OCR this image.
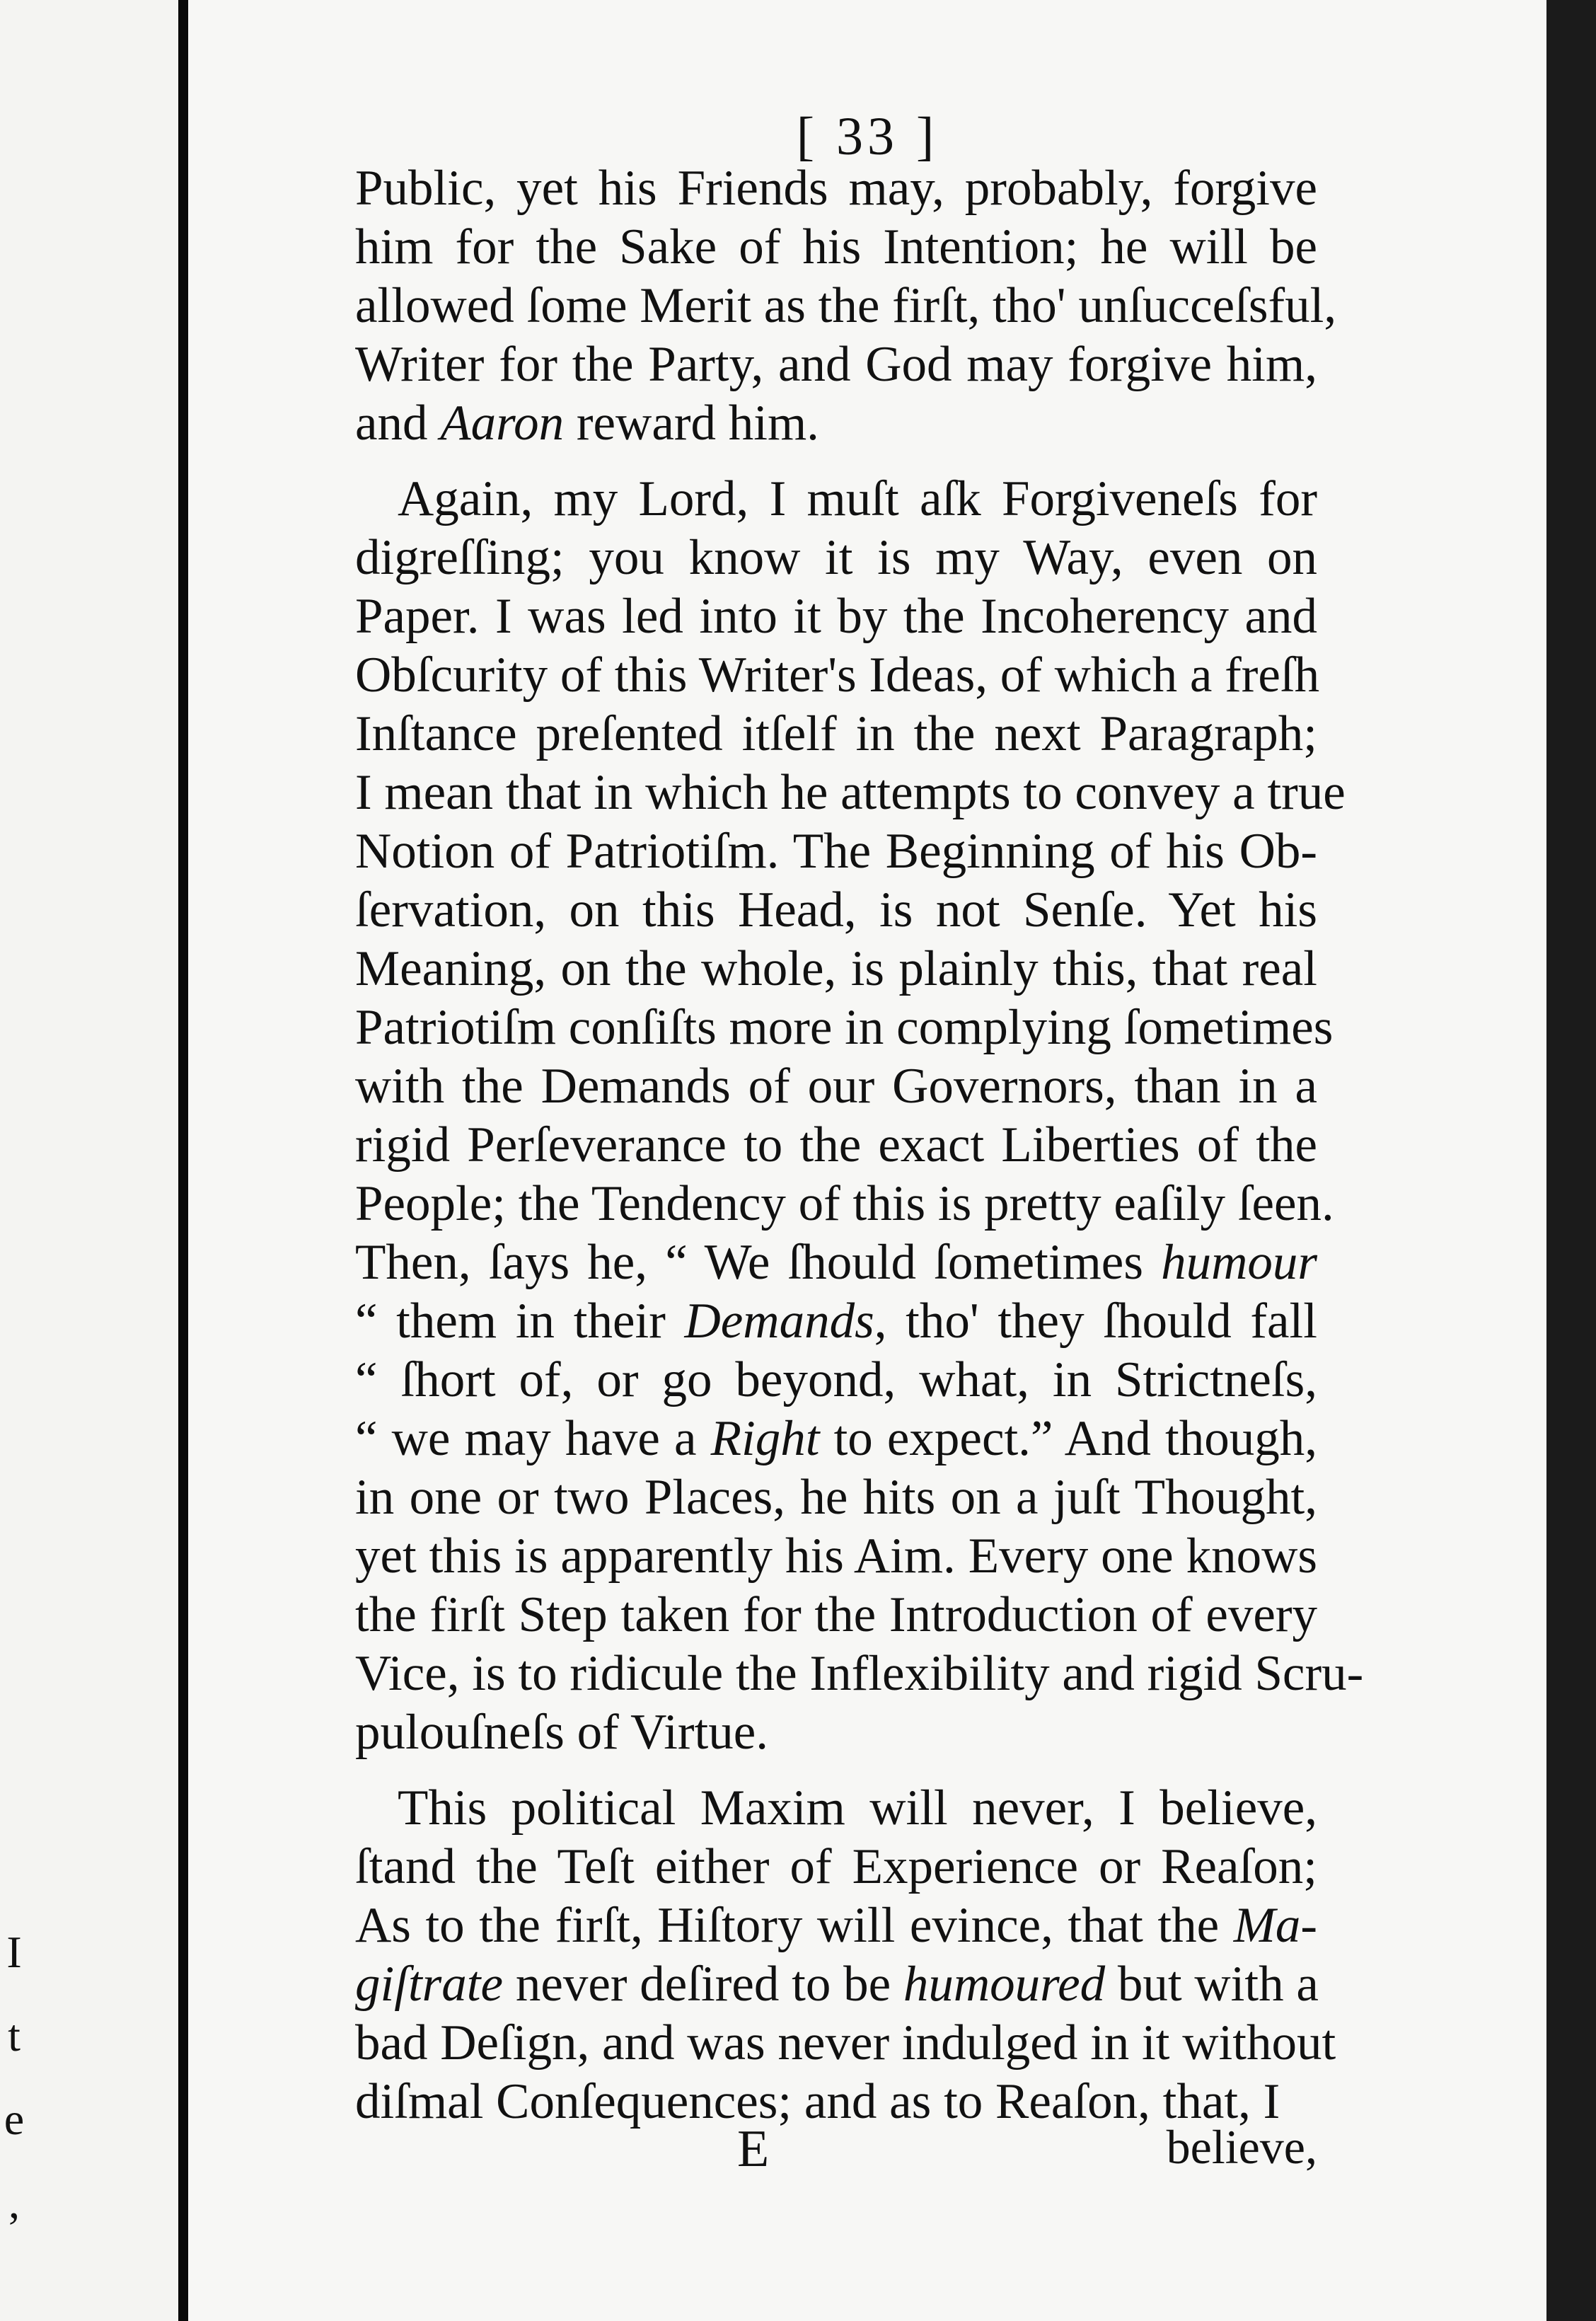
I
t
e
,
[ 33 ]
Public, yet his Friends may, probably, forgive
him for the Sake of his Intention; he will be
allowed ſome Merit as the firſt, tho' unſucceſsful,
Writer for the Party, and God may forgive him,
and Aaron reward him.
Again, my Lord, I muſt aſk Forgiveneſs for
digreſſing; you know it is my Way, even on
Paper. I was led into it by the Incoherency and
Obſcurity of this Writer's Ideas, of which a freſh
Inſtance preſented itſelf in the next Paragraph;
I mean that in which he attempts to convey a true
Notion of Patriotiſm. The Beginning of his Ob-
ſervation, on this Head, is not Senſe. Yet his
Meaning, on the whole, is plainly this, that real
Patriotiſm conſiſts more in complying ſometimes
with the Demands of our Governors, than in a
rigid Perſeverance to the exact Liberties of the
People; the Tendency of this is pretty eaſily ſeen.
Then, ſays he, “ We ſhould ſometimes humour
“ them in their Demands, tho' they ſhould fall
“ ſhort of, or go beyond, what, in Strictneſs,
“ we may have a Right to expect.” And though,
in one or two Places, he hits on a juſt Thought,
yet this is apparently his Aim. Every one knows
the firſt Step taken for the Introduction of every
Vice, is to ridicule the Inflexibility and rigid Scru-
pulouſneſs of Virtue.
This political Maxim will never, I believe,
ſtand the Teſt either of Experience or Reaſon;
As to the firſt, Hiſtory will evince, that the Ma-
giſtrate never deſired to be humoured but with a
bad Deſign, and was never indulged in it without
diſmal Conſequences; and as to Reaſon, that, I
E	believe,
